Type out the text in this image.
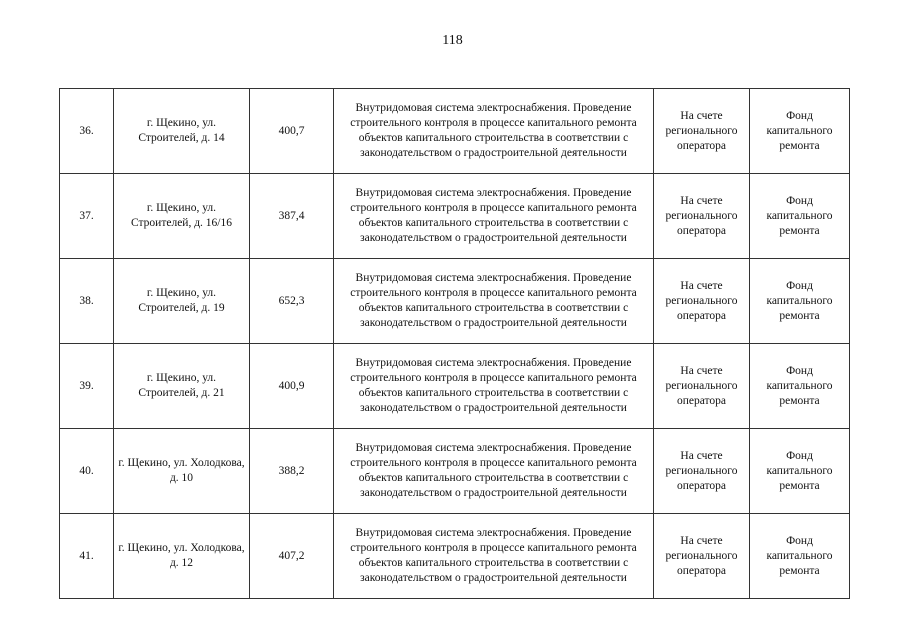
118
36.	г. Щекино, ул. Строителей, д. 14	400,7	Внутридомовая система электроснабжения. Проведение строительного контроля в процессе капитального ремонта объектов капитального строительства в соответствии с законодательством о градостроительной деятельности	На счете регионального оператора	Фонд капитального ремонта
37.	г. Щекино, ул. Строителей, д. 16/16	387,4	Внутридомовая система электроснабжения. Проведение строительного контроля в процессе капитального ремонта объектов капитального строительства в соответствии с законодательством о градостроительной деятельности	На счете регионального оператора	Фонд капитального ремонта
38.	г. Щекино, ул. Строителей, д. 19	652,3	Внутридомовая система электроснабжения. Проведение строительного контроля в процессе капитального ремонта объектов капитального строительства в соответствии с законодательством о градостроительной деятельности	На счете регионального оператора	Фонд капитального ремонта
39.	г. Щекино, ул. Строителей, д. 21	400,9	Внутридомовая система электроснабжения. Проведение строительного контроля в процессе капитального ремонта объектов капитального строительства в соответствии с законодательством о градостроительной деятельности	На счете регионального оператора	Фонд капитального ремонта
40.	г. Щекино, ул. Холодкова, д. 10	388,2	Внутридомовая система электроснабжения. Проведение строительного контроля в процессе капитального ремонта объектов капитального строительства в соответствии с законодательством о градостроительной деятельности	На счете регионального оператора	Фонд капитального ремонта
41.	г. Щекино, ул. Холодкова, д. 12	407,2	Внутридомовая система электроснабжения. Проведение строительного контроля в процессе капитального ремонта объектов капитального строительства в соответствии с законодательством о градостроительной деятельности	На счете регионального оператора	Фонд капитального ремонта
